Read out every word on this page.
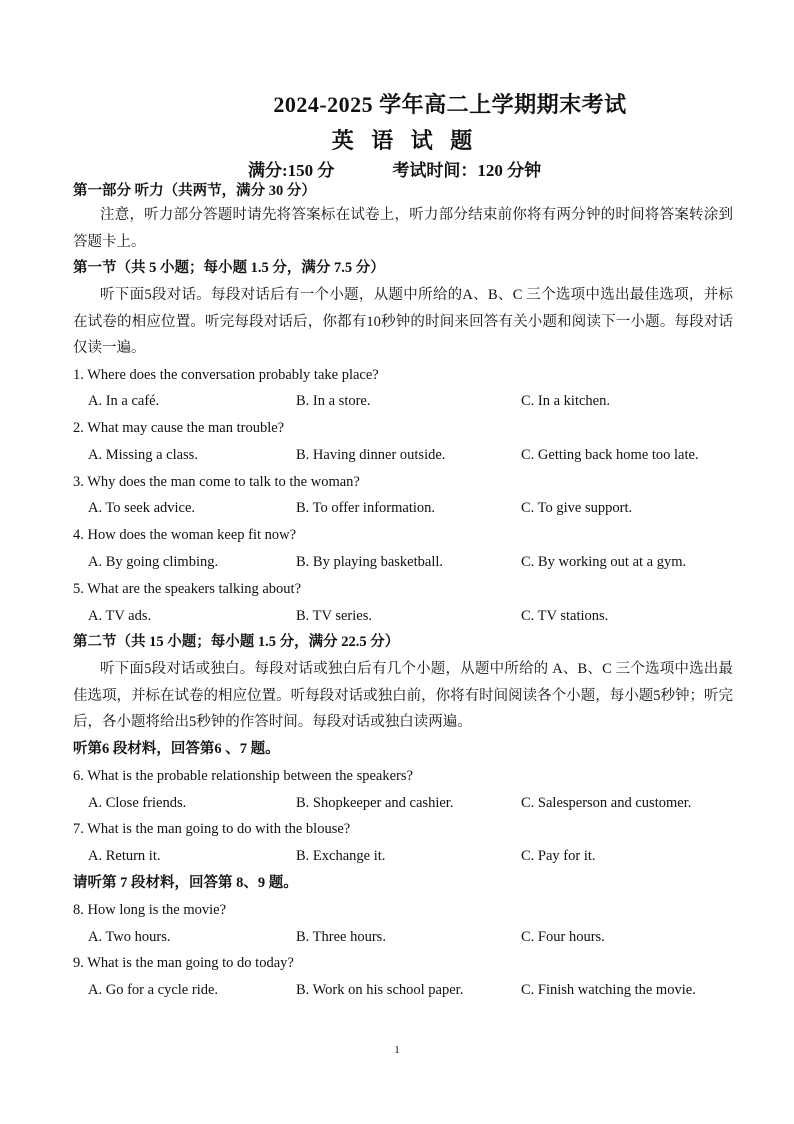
2024-2025 学年高二上学期期末考试
英 语 试 题
满分:150 分	考试时间：120 分钟

第一部分 听力（共两节，满分 30 分）

注意，听力部分答题时请先将答案标在试卷上，听力部分结束前你将有两分钟的时间将答案转涂到答题卡上。

第一节（共 5 小题；每小题 1.5 分，满分 7.5 分）

听下面5段对话。每段对话后有一个小题，从题中所给的A、B、C 三个选项中选出最佳选项，并标在试卷的相应位置。听完每段对话后，你都有10秒钟的时间来回答有关小题和阅读下一小题。每段对话仅读一遍。

1. Where does the conversation probably take place?

A. In a café.	B. In a store.	C. In a kitchen.

2. What may cause the man trouble?

A. Missing a class.	B. Having dinner outside.	C. Getting back home too late.

3. Why does the man come to talk to the woman?

A. To seek advice.	B. To offer information.	C. To give support.

4. How does the woman keep fit now?

A. By going climbing.	B. By playing basketball.	C. By working out at a gym.

5. What are the speakers talking about?

A. TV ads.	B. TV series.	C. TV stations.

第二节（共 15 小题；每小题 1.5 分，满分 22.5 分）

听下面5段对话或独白。每段对话或独白后有几个小题，从题中所给的 A、B、C 三个选项中选出最佳选项，并标在试卷的相应位置。听每段对话或独白前，你将有时间阅读各个小题，每小题5秒钟；听完后，各小题将给出5秒钟的作答时间。每段对话或独白读两遍。

听第6 段材料，回答第6 、7 题。

6. What is the probable relationship between the speakers?

A. Close friends.	B. Shopkeeper and cashier.	C. Salesperson and customer.

7. What is the man going to do with the blouse?

A. Return it.	B. Exchange it.	C. Pay for it.

请听第 7 段材料，回答第 8、9 题。

8. How long is the movie?

A. Two hours.	B. Three hours.	C. Four hours.

9. What is the man going to do today?

A. Go for a cycle ride.	B. Work on his school paper.	C. Finish watching the movie.
1
